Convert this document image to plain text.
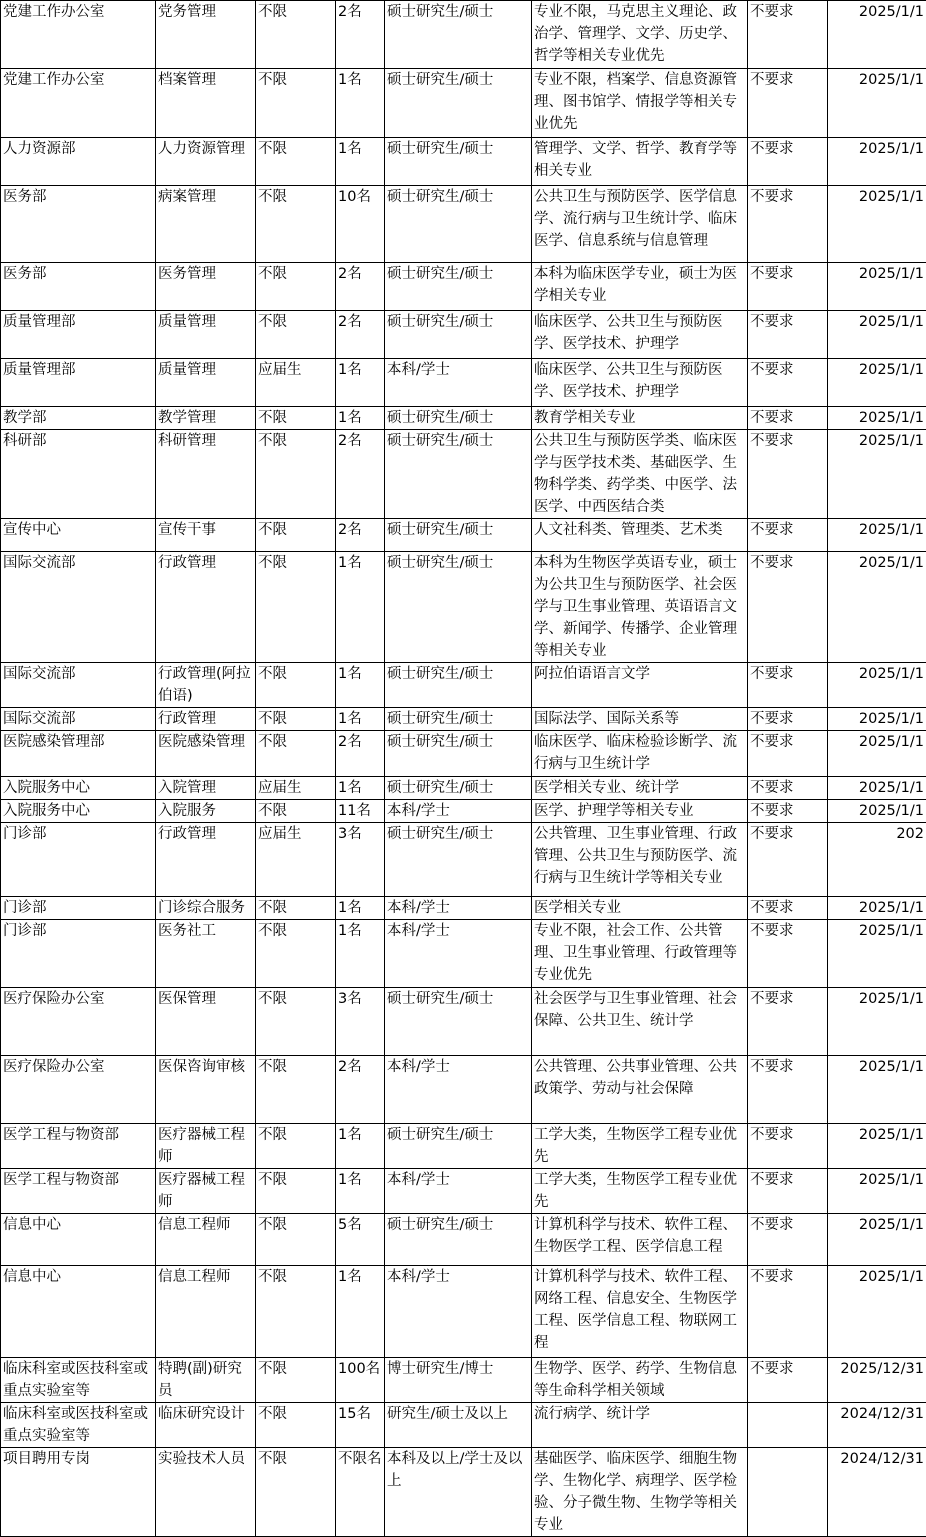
党建工作办公室	党务管理	不限	2名	硕士研究生/硕士	专业不限，马克思主义理论、政治学、管理学、文学、历史学、哲学等相关专业优先	不要求	2025/1/1
党建工作办公室	档案管理	不限	1名	硕士研究生/硕士	专业不限，档案学、信息资源管理、图书馆学、情报学等相关专业优先	不要求	2025/1/1
人力资源部	人力资源管理	不限	1名	硕士研究生/硕士	管理学、文学、哲学、教育学等相关专业	不要求	2025/1/1
医务部	病案管理	不限	10名	硕士研究生/硕士	公共卫生与预防医学、医学信息学、流行病与卫生统计学、临床医学、信息系统与信息管理	不要求	2025/1/1
医务部	医务管理	不限	2名	硕士研究生/硕士	本科为临床医学专业，硕士为医学相关专业	不要求	2025/1/1
质量管理部	质量管理	不限	2名	硕士研究生/硕士	临床医学、公共卫生与预防医学、医学技术、护理学	不要求	2025/1/1
质量管理部	质量管理	应届生	1名	本科/学士	临床医学、公共卫生与预防医学、医学技术、护理学	不要求	2025/1/1
教学部	教学管理	不限	1名	硕士研究生/硕士	教育学相关专业	不要求	2025/1/1
科研部	科研管理	不限	2名	硕士研究生/硕士	公共卫生与预防医学类、临床医学与医学技术类、基础医学、生物科学类、药学类、中医学、法医学、中西医结合类	不要求	2025/1/1
宣传中心	宣传干事	不限	2名	硕士研究生/硕士	人文社科类、管理类、艺术类	不要求	2025/1/1
国际交流部	行政管理	不限	1名	硕士研究生/硕士	本科为生物医学英语专业，硕士为公共卫生与预防医学、社会医学与卫生事业管理、英语语言文学、新闻学、传播学、企业管理等相关专业	不要求	2025/1/1
国际交流部	行政管理(阿拉伯语)	不限	1名	硕士研究生/硕士	阿拉伯语语言文学	不要求	2025/1/1
国际交流部	行政管理	不限	1名	硕士研究生/硕士	国际法学、国际关系等	不要求	2025/1/1
医院感染管理部	医院感染管理	不限	2名	硕士研究生/硕士	临床医学、临床检验诊断学、流行病与卫生统计学	不要求	2025/1/1
入院服务中心	入院管理	应届生	1名	硕士研究生/硕士	医学相关专业、统计学	不要求	2025/1/1
入院服务中心	入院服务	不限	11名	本科/学士	医学、护理学等相关专业	不要求	2025/1/1
门诊部	行政管理	应届生	3名	硕士研究生/硕士	公共管理、卫生事业管理、行政管理、公共卫生与预防医学、流行病与卫生统计学等相关专业	不要求	202
门诊部	门诊综合服务	不限	1名	本科/学士	医学相关专业	不要求	2025/1/1
门诊部	医务社工	不限	1名	本科/学士	专业不限，社会工作、公共管理、卫生事业管理、行政管理等专业优先	不要求	2025/1/1
医疗保险办公室	医保管理	不限	3名	硕士研究生/硕士	社会医学与卫生事业管理、社会保障、公共卫生、统计学	不要求	2025/1/1
医疗保险办公室	医保咨询审核	不限	2名	本科/学士	公共管理、公共事业管理、公共政策学、劳动与社会保障	不要求	2025/1/1
医学工程与物资部	医疗器械工程师	不限	1名	硕士研究生/硕士	工学大类，生物医学工程专业优先	不要求	2025/1/1
医学工程与物资部	医疗器械工程师	不限	1名	本科/学士	工学大类，生物医学工程专业优先	不要求	2025/1/1
信息中心	信息工程师	不限	5名	硕士研究生/硕士	计算机科学与技术、软件工程、生物医学工程、医学信息工程	不要求	2025/1/1
信息中心	信息工程师	不限	1名	本科/学士	计算机科学与技术、软件工程、网络工程、信息安全、生物医学工程、医学信息工程、物联网工程	不要求	2025/1/1
临床科室或医技科室或重点实验室等	特聘(副)研究员	不限	100名	博士研究生/博士	生物学、医学、药学、生物信息等生命科学相关领域	不要求	2025/12/31
临床科室或医技科室或重点实验室等	临床研究设计	不限	15名	研究生/硕士及以上	流行病学、统计学		2024/12/31
项目聘用专岗	实验技术人员	不限	不限名	本科及以上/学士及以上	基础医学、临床医学、细胞生物学、生物化学、病理学、医学检验、分子微生物、生物学等相关专业		2024/12/31
